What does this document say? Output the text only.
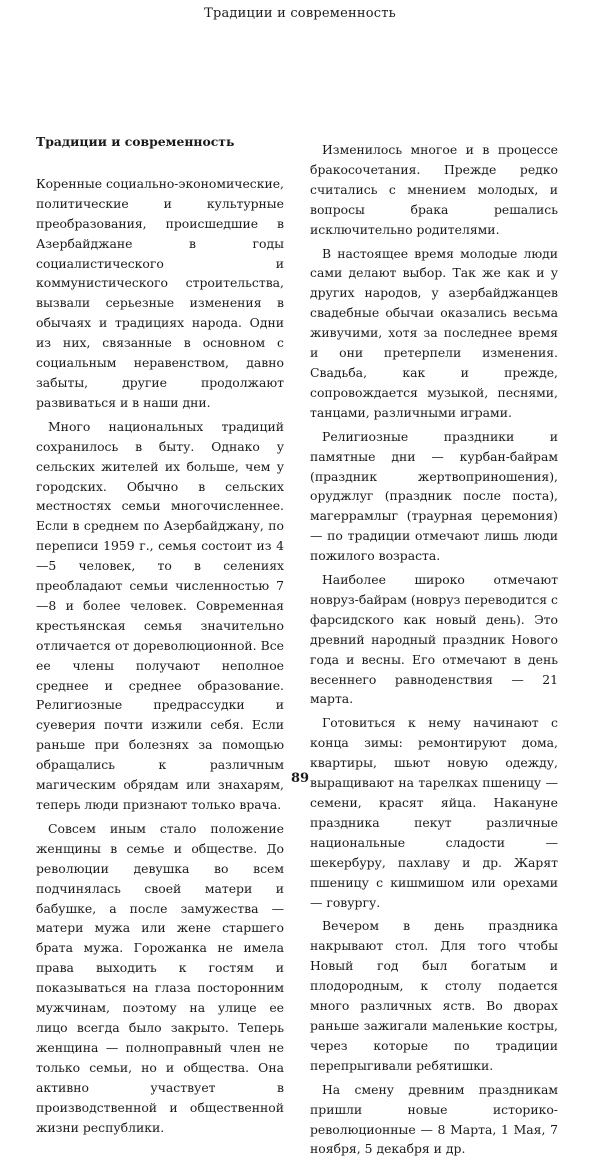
Традиции и современность
Традиции и современность

Коренные социально-экономические, политические и культурные преобразования, происшедшие в Азербайджане в годы социалистического и коммунистического строительства, вызвали серьезные изменения в обычаях и традициях народа. Одни из них, связанные в основном с социальным неравенством, давно забыты, другие продолжают развиваться и в наши дни.

Много национальных традиций сохранилось в быту. Однако у сельских жителей их больше, чем у городских. Обычно в сельских местностях семьи многочисленнее. Если в среднем по Азербайджану, по переписи 1959 г., семья состоит из 4—5 человек, то в селениях преобладают семьи численностью 7—8 и более человек. Современная крестьянская семья значительно отличается от дореволюционной. Все ее члены получают неполное среднее и среднее образование. Религиозные предрассудки и суеверия почти изжили себя. Если раньше при болезнях за помощью обращались к различным магическим обрядам или знахарям, теперь люди признают только врача.

Совсем иным стало положение женщины в семье и обществе. До революции девушка во всем подчинялась своей матери и бабушке, а после замужества — матери мужа или жене старшего брата мужа. Горожанка не имела права выходить к гостям и показываться на глаза посторонним мужчинам, поэтому на улице ее лицо всегда было закрыто. Теперь женщина — полноправный член не только семьи, но и общества. Она активно участвует в производственной и общественной жизни республики.

Изменилось многое и в процессе бракосочетания. Прежде редко считались с мнением молодых, и вопросы брака решались исключительно родителями.

В настоящее время молодые люди сами делают выбор. Так же как и у других народов, у азербайджанцев свадебные обычаи оказались весьма живучими, хотя за последнее время и они претерпели изменения. Свадьба, как и прежде, сопровождается музыкой, песнями, танцами, различными играми.

Религиозные праздники и памятные дни — курбан-байрам (праздник жертвоприношения), оруджлуг (праздник после поста), магеррамлыг (траурная церемония) — по традиции отмечают лишь люди пожилого возраста.

Наиболее широко отмечают новруз-байрам (новруз переводится с фарсидского как новый день). Это древний народный праздник Нового года и весны. Его отмечают в день весеннего равноденствия — 21 марта.

Готовиться к нему начинают с конца зимы: ремонтируют дома, квартиры, шьют новую одежду, выращивают на тарелках пшеницу — семени, красят яйца. Накануне праздника пекут различные национальные сладости — шекербуру, пахлаву и др. Жарят пшеницу с кишмишом или орехами — говургу.

Вечером в день праздника накрывают стол. Для того чтобы Новый год был богатым и плодородным, к столу подается много различных яств. Во дворах раньше зажигали маленькие костры, через которые по традиции перепрыгивали ребятишки.

На смену древним праздникам пришли новые историко-революционные — 8 Марта, 1 Мая, 7 ноября, 5 декабря и др.

89
